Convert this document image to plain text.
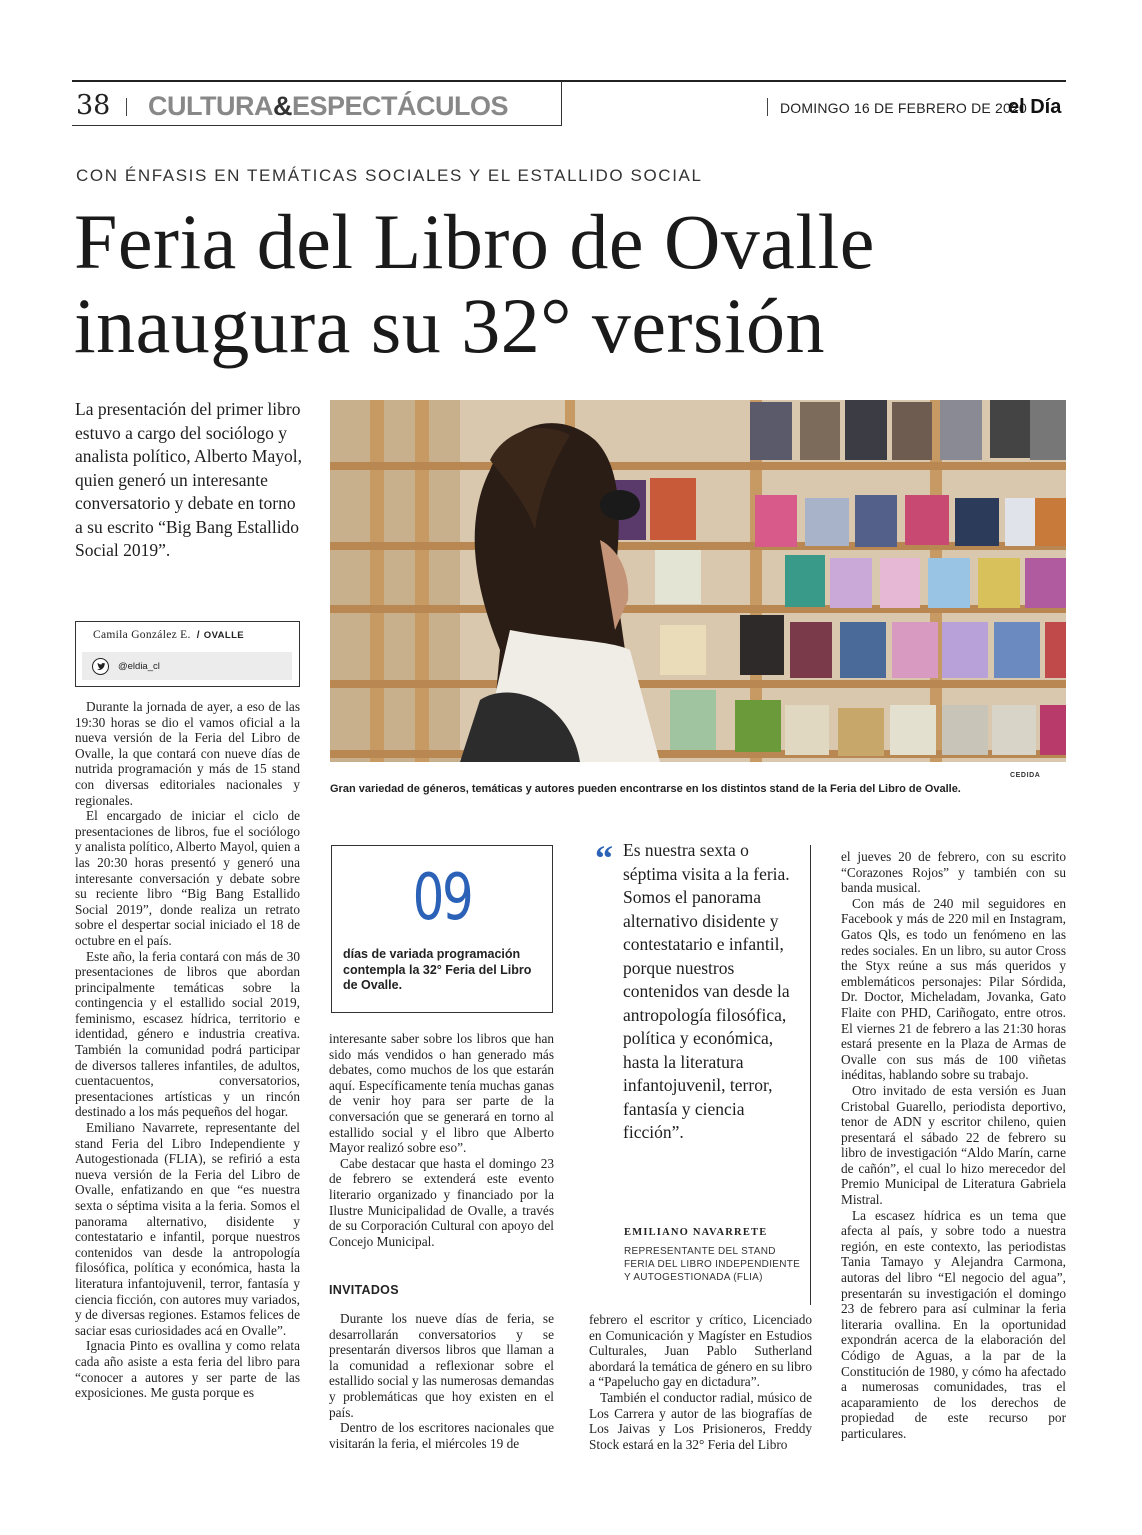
38 CULTURA&ESPECTÁCULOS	DOMINGO 16 DE FEBRERO DE 2020
el Día
CON ÉNFASIS EN TEMÁTICAS SOCIALES Y EL ESTALLIDO SOCIAL
Feria del Libro de Ovalle
inaugura su 32° versión
La presentación del primer libro estuvo a cargo del sociólogo y analista político, Alberto Mayol, quien generó un interesante conversatorio y debate en torno a su escrito “Big Bang Estallido Social 2019”.
CEDIDA
Gran variedad de géneros, temáticas y autores pueden encontrarse en los distintos stand de la Feria del Libro de Ovalle.
Camila González E. / OVALLE
@eldia_cl

Durante la jornada de ayer, a eso de las 19:30 horas se dio el vamos oficial a la nueva versión de la Feria del Libro de Ovalle, la que contará con nueve días de nutrida programación y más de 15 stand con diversas editoriales nacionales y regionales.

El encargado de iniciar el ciclo de presentaciones de libros, fue el sociólogo y analista político, Alberto Mayol, quien a las 20:30 horas presentó y generó una interesante conversación y debate sobre su reciente libro “Big Bang Estallido Social 2019”, donde realiza un retrato sobre el despertar social iniciado el 18 de octubre en el país.

Este año, la feria contará con más de 30 presentaciones de libros que abordan principalmente temáticas sobre la contingencia y el estallido social 2019, feminismo, escasez hídrica, territorio e identidad, género e industria creativa. También la comunidad podrá participar de diversos talleres infantiles, de adultos, cuentacuentos, conversatorios, presentaciones artísticas y un rincón destinado a los más pequeños del hogar.

Emiliano Navarrete, representante del stand Feria del Libro Independiente y Autogestionada (FLIA), se refirió a esta nueva versión de la Feria del Libro de Ovalle, enfatizando en que “es nuestra sexta o séptima visita a la feria. Somos el panorama alternativo, disidente y contestatario e infantil, porque nuestros contenidos van desde la antropología filosófica, política y económica, hasta la literatura infantojuvenil, terror, fantasía y ciencia ficción, con autores muy variados, y de diversas regiones. Estamos felices de saciar esas curiosidades acá en Ovalle”.

Ignacia Pinto es ovallina y como relata cada año asiste a esta feria del libro para “conocer a autores y ser parte de las exposiciones. Me gusta porque es

09
días de variada programación contempla la 32° Feria del Libro de Ovalle.

interesante saber sobre los libros que han sido más vendidos o han generado más debates, como muchos de los que estarán aquí. Específicamente tenía muchas ganas de venir hoy para ser parte de la conversación que se generará en torno al estallido social y el libro que Alberto Mayor realizó sobre eso”.

Cabe destacar que hasta el domingo 23 de febrero se extenderá este evento literario organizado y financiado por la Ilustre Municipalidad de Ovalle, a través de su Corporación Cultural con apoyo del Concejo Municipal.

INVITADOS

Durante los nueve días de feria, se desarrollarán conversatorios y se presentarán diversos libros que llaman a la comunidad a reflexionar sobre el estallido social y las numerosas demandas y problemáticas que hoy existen en el país.

Dentro de los escritores nacionales que visitarán la feria, el miércoles 19 de

“ Es nuestra sexta o séptima visita a la feria. Somos el panorama alternativo disidente y contestatario e infantil, porque nuestros contenidos van desde la antropología filosófica, política y económica, hasta la literatura infantojuvenil, terror, fantasía y ciencia ficción”.
EMILIANO NAVARRETE
REPRESENTANTE DEL STAND FERIA DEL LIBRO INDEPENDIENTE Y AUTOGESTIONADA (FLIA)

febrero el escritor y crítico, Licenciado en Comunicación y Magíster en Estudios Culturales, Juan Pablo Sutherland abordará la temática de género en su libro a “Papelucho gay en dictadura”.

También el conductor radial, músico de Los Carrera y autor de las biografías de Los Jaivas y Los Prisioneros, Freddy Stock estará en la 32° Feria del Libro

el jueves 20 de febrero, con su escrito “Corazones Rojos” y también con su banda musical.

Con más de 240 mil seguidores en Facebook y más de 220 mil en Instagram, Gatos Qls, es todo un fenómeno en las redes sociales. En un libro, su autor Cross the Styx reúne a sus más queridos y emblemáticos personajes: Pilar Sórdida, Dr. Doctor, Micheladam, Jovanka, Gato Flaite con PHD, Cariñogato, entre otros. El viernes 21 de febrero a las 21:30 horas estará presente en la Plaza de Armas de Ovalle con sus más de 100 viñetas inéditas, hablando sobre su trabajo.

Otro invitado de esta versión es Juan Cristobal Guarello, periodista deportivo, tenor de ADN y escritor chileno, quien presentará el sábado 22 de febrero su libro de investigación “Aldo Marín, carne de cañón”, el cual lo hizo merecedor del Premio Municipal de Literatura Gabriela Mistral.

La escasez hídrica es un tema que afecta al país, y sobre todo a nuestra región, en este contexto, las periodistas Tania Tamayo y Alejandra Carmona, autoras del libro “El negocio del agua”, presentarán su investigación el domingo 23 de febrero para así culminar la feria literaria ovallina. En la oportunidad expondrán acerca de la elaboración del Código de Aguas, a la par de la Constitución de 1980, y cómo ha afectado a numerosas comunidades, tras el acaparamiento de los derechos de propiedad de este recurso por particulares.
